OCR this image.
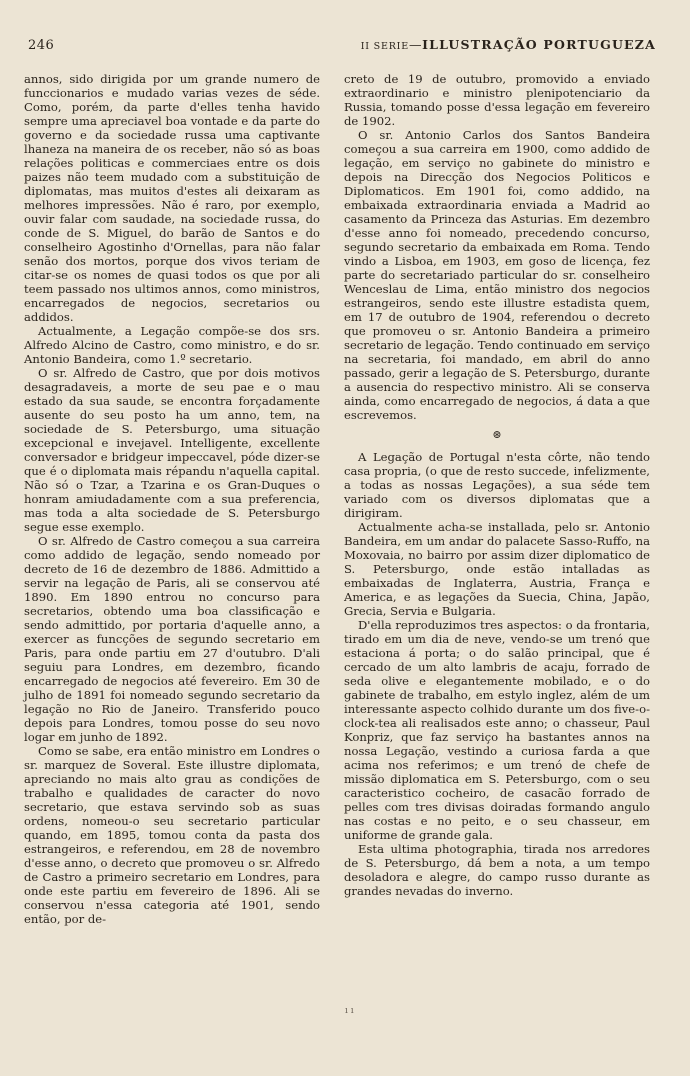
246	II SERIE—ILLUSTRAÇÃO PORTUGUEZA

annos, sido dirigida por um grande numero de funccionarios e mudado varias vezes de séde. Como, porém, da parte d'elles tenha havido sempre uma apreciavel boa vontade e da parte do governo e da sociedade russa uma captivante lhaneza na maneira de os receber, não só as boas relações politicas e commerciaes entre os dois paizes não teem mudado com a substituição de diplomatas, mas muitos d'estes ali deixaram as melhores impressões. Não é raro, por exemplo, ouvir falar com saudade, na sociedade russa, do conde de S. Miguel, do barão de Santos e do conselheiro Agostinho d'Ornellas, para não falar senão dos mortos, porque dos vivos teriam de citar-se os nomes de quasi todos os que por ali teem passado nos ultimos annos, como ministros, encarregados de negocios, secretarios ou addidos.

Actualmente, a Legação compõe-se dos srs. Alfredo Alcino de Castro, como ministro, e do sr. Antonio Bandeira, como 1.º secretario.

O sr. Alfredo de Castro, que por dois motivos desagradaveis, a morte de seu pae e o mau estado da sua saude, se encontra forçadamente ausente do seu posto ha um anno, tem, na sociedade de S. Petersburgo, uma situação excepcional e invejavel. Intelligente, excellente conversador e bridgeur impeccavel, póde dizer-se que é o diplomata mais répandu n'aquella capital. Não só o Tzar, a Tzarina e os Gran-Duques o honram amiudadamente com a sua preferencia, mas toda a alta sociedade de S. Petersburgo segue esse exemplo.

O sr. Alfredo de Castro começou a sua carreira como addido de legação, sendo nomeado por decreto de 16 de dezembro de 1886. Admittido a servir na legação de Paris, ali se conservou até 1890. Em 1890 entrou no concurso para secretarios, obtendo uma boa classificação e sendo admittido, por portaria d'aquelle anno, a exercer as funcções de segundo secretario em Paris, para onde partiu em 27 d'outubro. D'ali seguiu para Londres, em dezembro, ficando encarregado de negocios até fevereiro. Em 30 de julho de 1891 foi nomeado segundo secretario da legação no Rio de Janeiro. Transferido pouco depois para Londres, tomou posse do seu novo logar em junho de 1892.

Como se sabe, era então ministro em Londres o sr. marquez de Soveral. Este illustre diplomata, apreciando no mais alto grau as condições de trabalho e qualidades de caracter do novo secretario, que estava servindo sob as suas ordens, nomeou-o seu secretario particular quando, em 1895, tomou conta da pasta dos estrangeiros, e referendou, em 28 de novembro d'esse anno, o decreto que promoveu o sr. Alfredo de Castro a primeiro secretario em Londres, para onde este partiu em fevereiro de 1896. Ali se conservou n'essa categoria até 1901, sendo então, por de-

creto de 19 de outubro, promovido a enviado extraordinario e ministro plenipotenciario da Russia, tomando posse d'essa legação em fevereiro de 1902.

O sr. Antonio Carlos dos Santos Bandeira começou a sua carreira em 1900, como addido de legação, em serviço no gabinete do ministro e depois na Direcção dos Negocios Politicos e Diplomaticos. Em 1901 foi, como addido, na embaixada extraordinaria enviada a Madrid ao casamento da Princeza das Asturias. Em dezembro d'esse anno foi nomeado, precedendo concurso, segundo secretario da embaixada em Roma. Tendo vindo a Lisboa, em 1903, em goso de licença, fez parte do secretariado particular do sr. conselheiro Wenceslau de Lima, então ministro dos negocios estrangeiros, sendo este illustre estadista quem, em 17 de outubro de 1904, referendou o decreto que promoveu o sr. Antonio Bandeira a primeiro secretario de legação. Tendo continuado em serviço na secretaria, foi mandado, em abril do anno passado, gerir a legação de S. Petersburgo, durante a ausencia do respectivo ministro. Ali se conserva ainda, como encarregado de negocios, á data a que escrevemos.

⊛

A Legação de Portugal n'esta côrte, não tendo casa propria, (o que de resto succede, infelizmente, a todas as nossas Legações), a sua séde tem variado com os diversos diplomatas que a dirigiram.

Actualmente acha-se installada, pelo sr. Antonio Bandeira, em um andar do palacete Sasso-Ruffo, na Moxovaia, no bairro por assim dizer diplomatico de S. Petersburgo, onde estão intalladas as embaixadas de Inglaterra, Austria, França e America, e as legações da Suecia, China, Japão, Grecia, Servia e Bulgaria.

D'ella reproduzimos tres aspectos: o da frontaria, tirado em um dia de neve, vendo-se um trenó que estaciona á porta; o do salão principal, que é cercado de um alto lambris de acaju, forrado de seda olive e elegantemente mobilado, e o do gabinete de trabalho, em estylo inglez, além de um interessante aspecto colhido durante um dos five-o-clock-tea ali realisados este anno; o chasseur, Paul Konpriz, que faz serviço ha bastantes annos na nossa Legação, vestindo a curiosa farda a que acima nos referimos; e um trenó de chefe de missão diplomatica em S. Petersburgo, com o seu caracteristico cocheiro, de casacão forrado de pelles com tres divisas doiradas formando angulo nas costas e no peito, e o seu chasseur, em uniforme de grande gala.

Esta ultima photographia, tirada nos arredores de S. Petersburgo, dá bem a nota, a um tempo desoladora e alegre, do campo russo durante as grandes nevadas do inverno.

ı ı
